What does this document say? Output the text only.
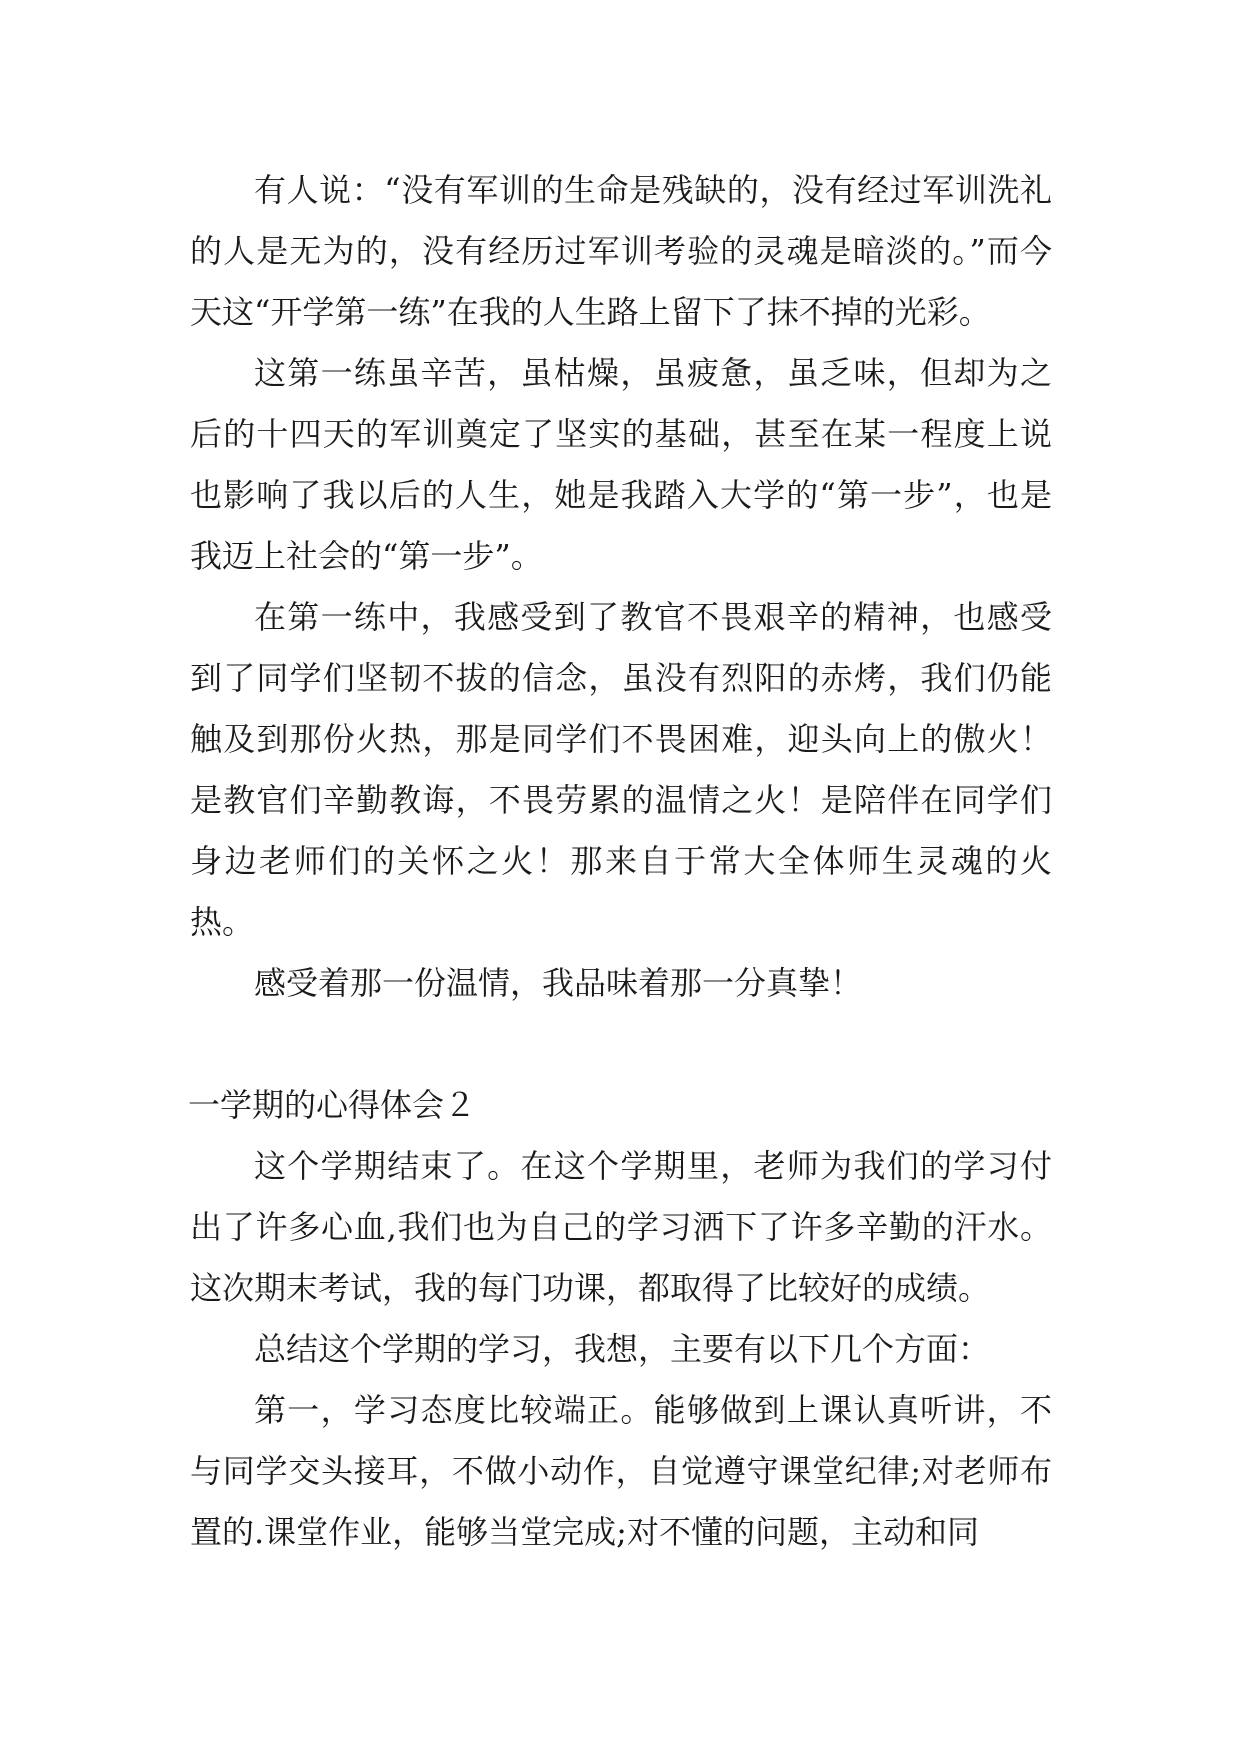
有人说：“没有军训的生命是残缺的，没有经过军训洗礼的人是无为的，没有经历过军训考验的灵魂是暗淡的。”而今天这“开学第一练”在我的人生路上留下了抹不掉的光彩。

这第一练虽辛苦，虽枯燥，虽疲惫，虽乏味，但却为之后的十四天的军训奠定了坚实的基础，甚至在某一程度上说也影响了我以后的人生，她是我踏入大学的“第一步”，也是我迈上社会的“第一步”。

在第一练中，我感受到了教官不畏艰辛的精神，也感受到了同学们坚韧不拔的信念，虽没有烈阳的赤烤，我们仍能触及到那份火热，那是同学们不畏困难，迎头向上的傲火！是教官们辛勤教诲，不畏劳累的温情之火！是陪伴在同学们身边老师们的关怀之火！那来自于常大全体师生灵魂的火热。

感受着那一份温情，我品味着那一分真挚！

一学期的心得体会２

这个学期结束了。在这个学期里，老师为我们的学习付出了许多心血,我们也为自己的学习洒下了许多辛勤的汗水。这次期末考试，我的每门功课，都取得了比较好的成绩。

总结这个学期的学习，我想，主要有以下几个方面：

第一，学习态度比较端正。能够做到上课认真听讲，不与同学交头接耳，不做小动作，自觉遵守课堂纪律;对老师布置的.课堂作业，能够当堂完成;对不懂的问题，主动和同
